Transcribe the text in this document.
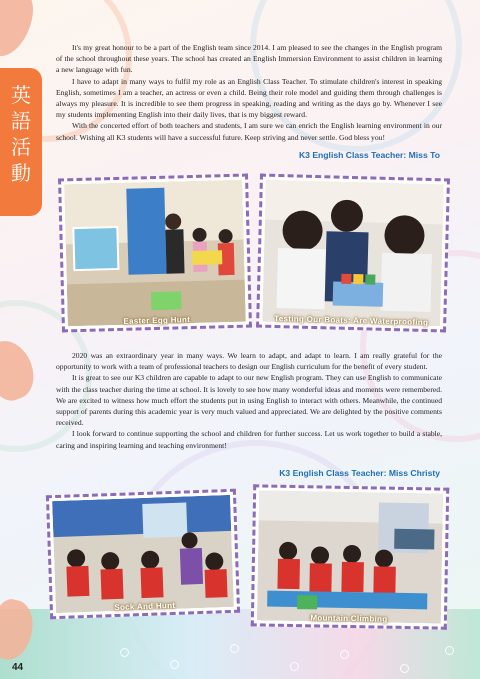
英
語
活
動

It's my great honour to be a part of the English team since 2014. I am pleased to see the changes in the English program of the school throughout these years. The school has created an English Immersion Environment to assist children in learning a new language with fun.

I have to adapt in many ways to fulfil my role as an English Class Teacher. To stimulate children's interest in speaking English, sometimes I am a teacher, an actress or even a child. Being their role model and guiding them through challenges is always my pleasure. It is incredible to see them progress in speaking, reading and writing as the days go by. Whenever I see my students implementing English into their daily lives, that is my biggest reward.

With the concerted effort of both teachers and students, I am sure we can enrich the English learning environment in our school. Wishing all K3 students will have a successful future. Keep striving and never settle. God bless you!

K3 English Class Teacher: Miss To
Easter Egg Hunt	Testing Our Boats: Are Waterproofing

2020 was an extraordinary year in many ways. We learn to adapt, and adapt to learn. I am really grateful for the opportunity to work with a team of professional teachers to design our English curriculum for the benefit of every student.

It is great to see our K3 children are capable to adapt to our new English program. They can use English to communicate with the class teacher during the time at school. It is lovely to see how many wonderful ideas and moments were remembered. We are excited to witness how much effort the students put in using English to interact with others. Meanwhile, the continued support of parents during this academic year is very much valued and appreciated. We are delighted by the positive comments received.

I look forward to continue supporting the school and children for further success. Let us work together to build a stable, caring and inspiring learning and teaching environment!

K3 English Class Teacher: Miss Christy
Sock And Hunt
Mountain Climbing
44
